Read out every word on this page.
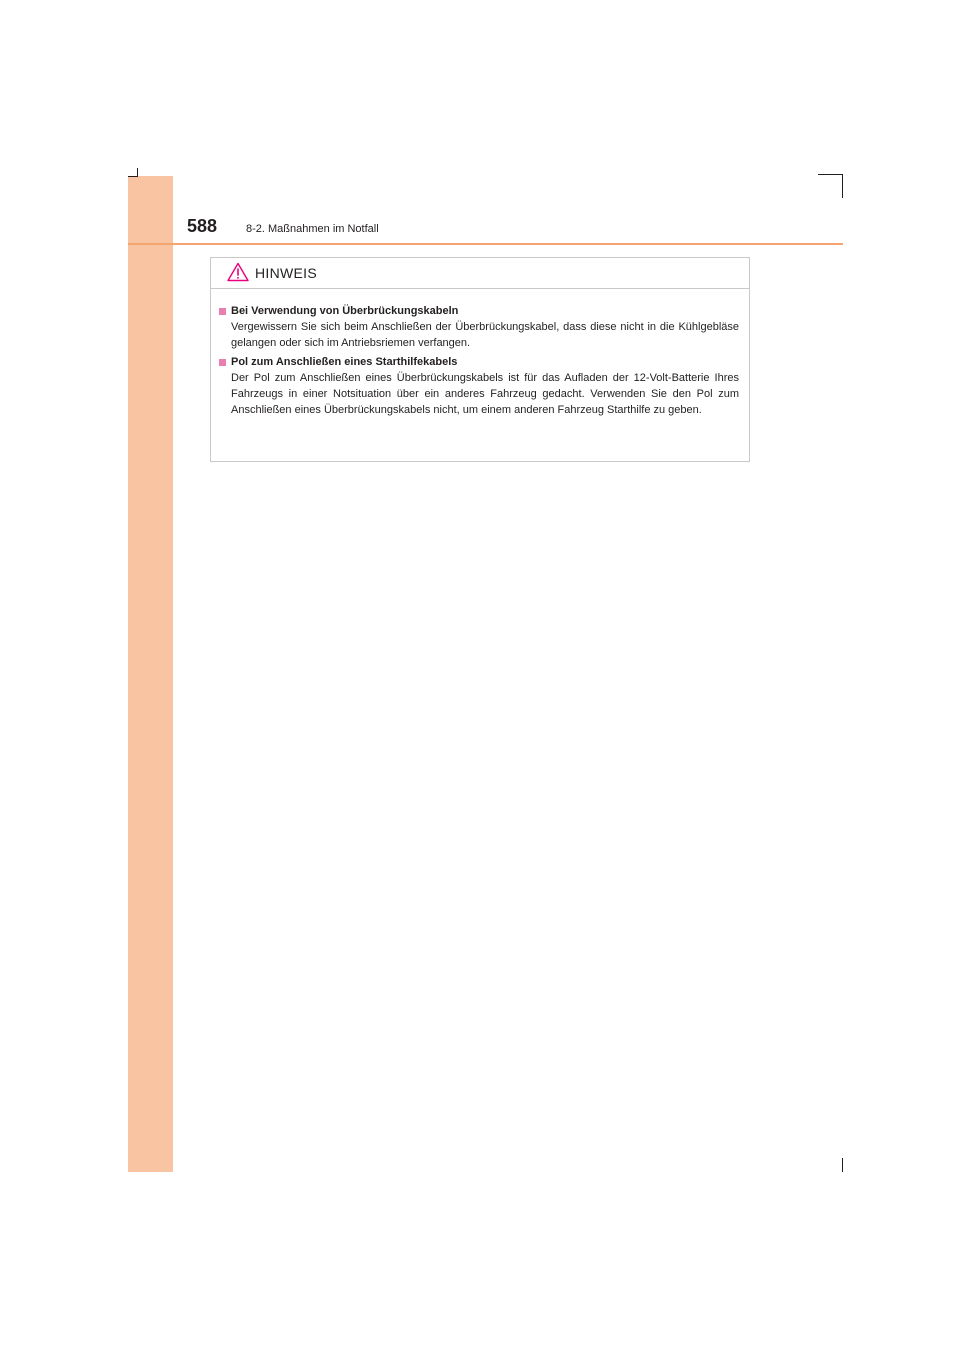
588	8-2. Maßnahmen im Notfall
HINWEIS
Bei Verwendung von Überbrückungskabeln
Vergewissern Sie sich beim Anschließen der Überbrückungskabel, dass diese nicht in die Kühlgebläse gelangen oder sich im Antriebsriemen verfangen.
Pol zum Anschließen eines Starthilfekabels
Der Pol zum Anschließen eines Überbrückungskabels ist für das Aufladen der 12-Volt-Batterie Ihres Fahrzeugs in einer Notsituation über ein anderes Fahrzeug gedacht. Verwenden Sie den Pol zum Anschließen eines Überbrückungskabels nicht, um einem anderen Fahrzeug Starthilfe zu geben.
